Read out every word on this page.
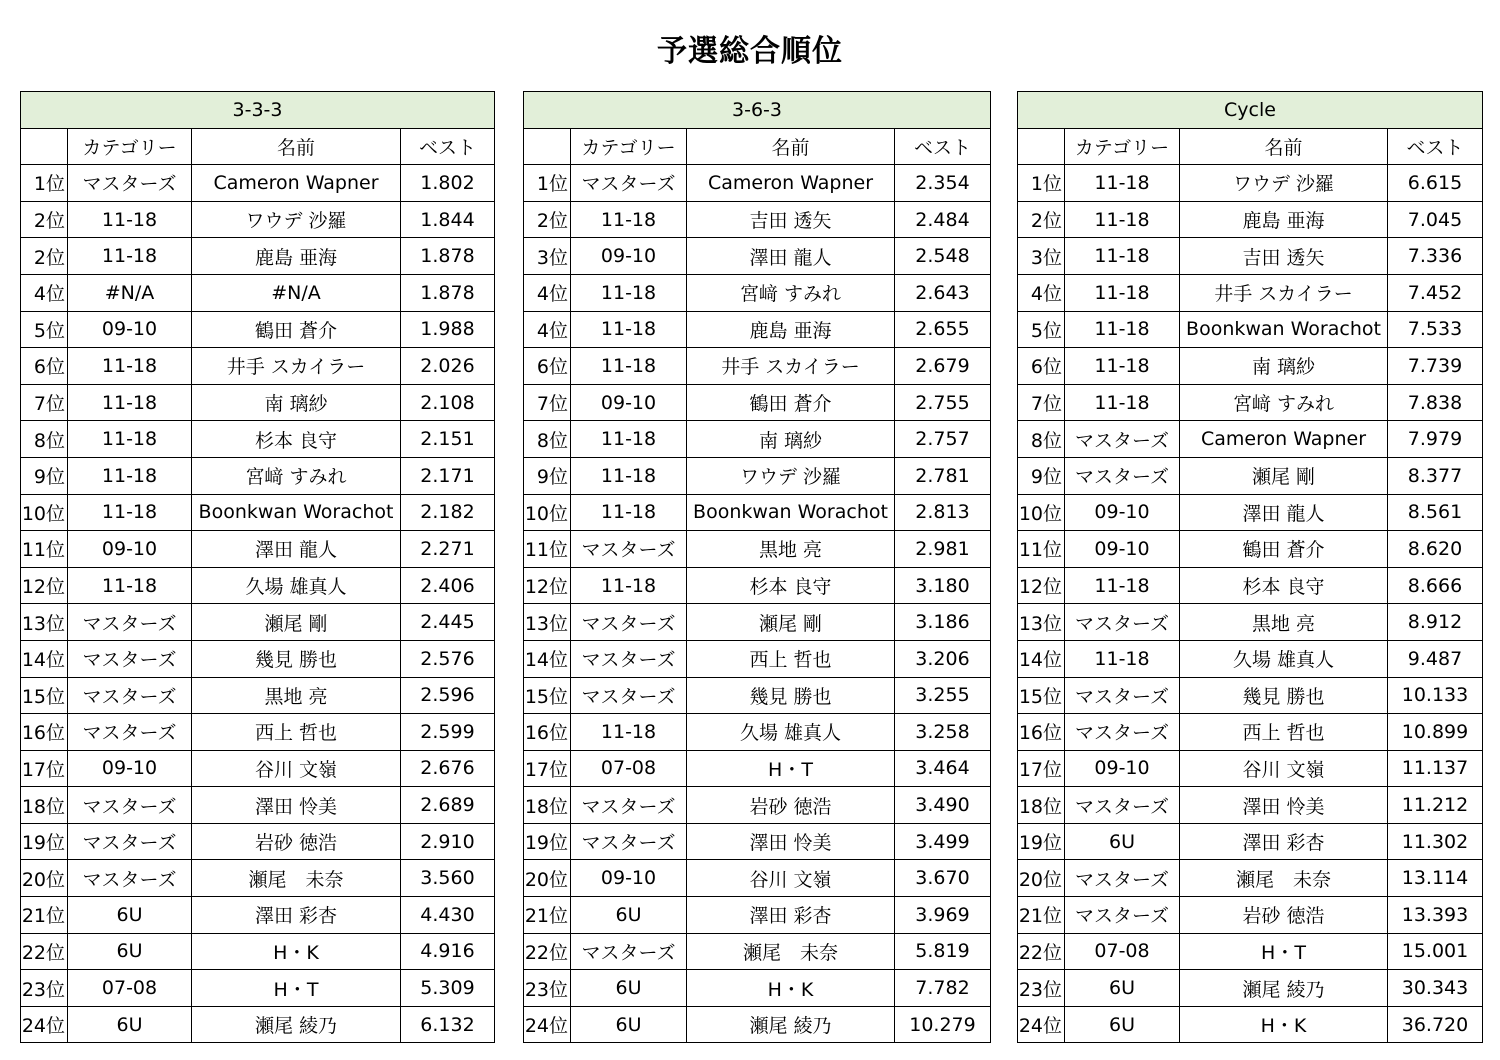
予選総合順位
3-3-3			
	カテゴリー	名前	ベスト
1位	マスターズ	Cameron Wapner	1.802
2位	11-18	ワウデ 沙羅	1.844
2位	11-18	鹿島 亜海	1.878
4位	#N/A	#N/A	1.878
5位	09-10	鶴田 蒼介	1.988
6位	11-18	井手 スカイラー	2.026
7位	11-18	南 璃紗	2.108
8位	11-18	杉本 良守	2.151
9位	11-18	宮﨑 すみれ	2.171
10位	11-18	Boonkwan Worachot	2.182
11位	09-10	澤田 龍人	2.271
12位	11-18	久場 雄真人	2.406
13位	マスターズ	瀬尾 剛	2.445
14位	マスターズ	幾見 勝也	2.576
15位	マスターズ	黒地 亮	2.596
16位	マスターズ	西上 哲也	2.599
17位	09-10	谷川 文嶺	2.676
18位	マスターズ	澤田 怜美	2.689
19位	マスターズ	岩砂 徳浩	2.910
20位	マスターズ	瀬尾　未奈	3.560
21位	6U	澤田 彩杏	4.430
22位	6U	H・K	4.916
23位	07-08	H・T	5.309
24位	6U	瀬尾 綾乃	6.132
3-6-3			
	カテゴリー	名前	ベスト
1位	マスターズ	Cameron Wapner	2.354
2位	11-18	吉田 透矢	2.484
3位	09-10	澤田 龍人	2.548
4位	11-18	宮﨑 すみれ	2.643
4位	11-18	鹿島 亜海	2.655
6位	11-18	井手 スカイラー	2.679
7位	09-10	鶴田 蒼介	2.755
8位	11-18	南 璃紗	2.757
9位	11-18	ワウデ 沙羅	2.781
10位	11-18	Boonkwan Worachot	2.813
11位	マスターズ	黒地 亮	2.981
12位	11-18	杉本 良守	3.180
13位	マスターズ	瀬尾 剛	3.186
14位	マスターズ	西上 哲也	3.206
15位	マスターズ	幾見 勝也	3.255
16位	11-18	久場 雄真人	3.258
17位	07-08	H・T	3.464
18位	マスターズ	岩砂 徳浩	3.490
19位	マスターズ	澤田 怜美	3.499
20位	09-10	谷川 文嶺	3.670
21位	6U	澤田 彩杏	3.969
22位	マスターズ	瀬尾　未奈	5.819
23位	6U	H・K	7.782
24位	6U	瀬尾 綾乃	10.279
Cycle			
	カテゴリー	名前	ベスト
1位	11-18	ワウデ 沙羅	6.615
2位	11-18	鹿島 亜海	7.045
3位	11-18	吉田 透矢	7.336
4位	11-18	井手 スカイラー	7.452
5位	11-18	Boonkwan Worachot	7.533
6位	11-18	南 璃紗	7.739
7位	11-18	宮﨑 すみれ	7.838
8位	マスターズ	Cameron Wapner	7.979
9位	マスターズ	瀬尾 剛	8.377
10位	09-10	澤田 龍人	8.561
11位	09-10	鶴田 蒼介	8.620
12位	11-18	杉本 良守	8.666
13位	マスターズ	黒地 亮	8.912
14位	11-18	久場 雄真人	9.487
15位	マスターズ	幾見 勝也	10.133
16位	マスターズ	西上 哲也	10.899
17位	09-10	谷川 文嶺	11.137
18位	マスターズ	澤田 怜美	11.212
19位	6U	澤田 彩杏	11.302
20位	マスターズ	瀬尾　未奈	13.114
21位	マスターズ	岩砂 徳浩	13.393
22位	07-08	H・T	15.001
23位	6U	瀬尾 綾乃	30.343
24位	6U	H・K	36.720
